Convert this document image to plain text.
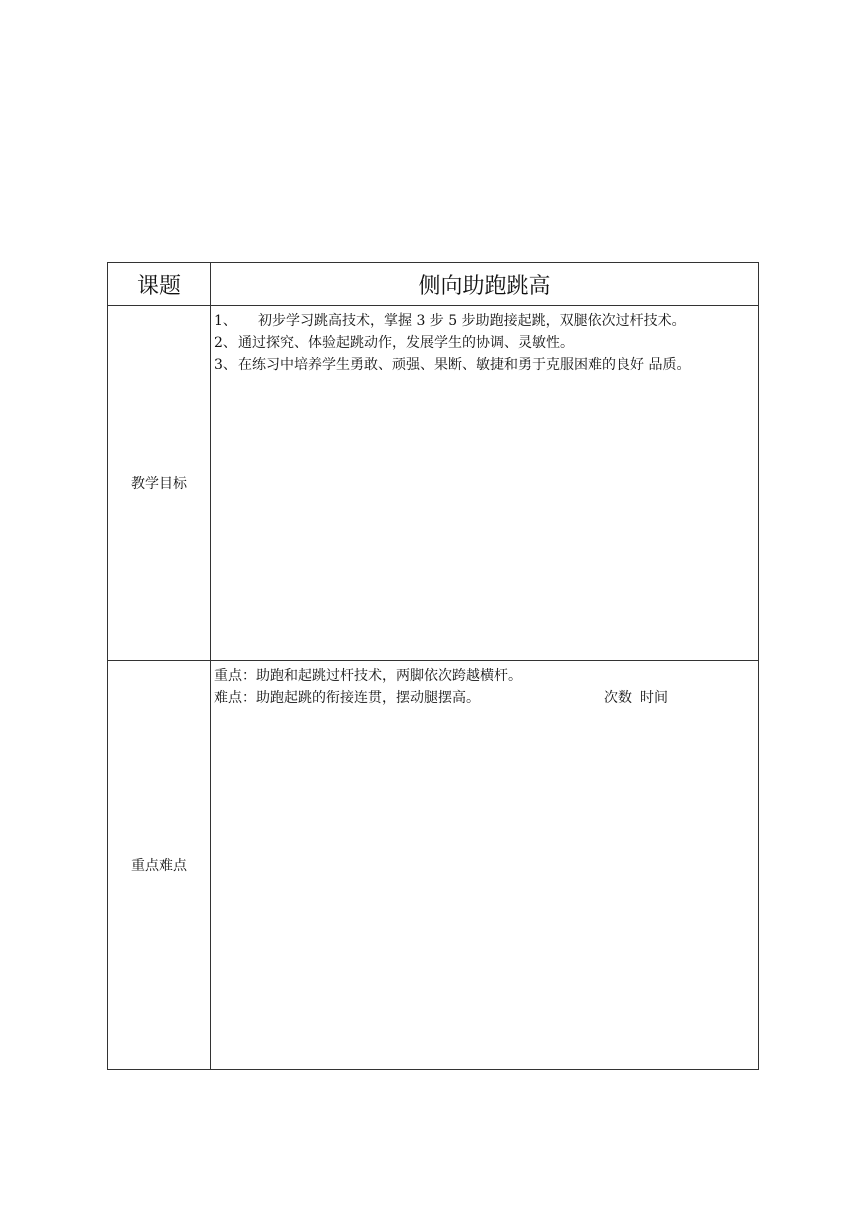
课题	侧向助跑跳高
教学目标	1、 初步学习跳高技术，掌握 3 步 5 步助跑接起跳，双腿依次过杆技术。
2、通过探究、体验起跳动作，发展学生的协调、灵敏性。
3、在练习中培养学生勇敢、顽强、果断、敏捷和勇于克服困难的良好 品质。

重点难点	重点：助跑和起跳过杆技术，两脚依次跨越横杆。
难点：助跑起跳的衔接连贯，摆动腿摆高。 次数 时间
